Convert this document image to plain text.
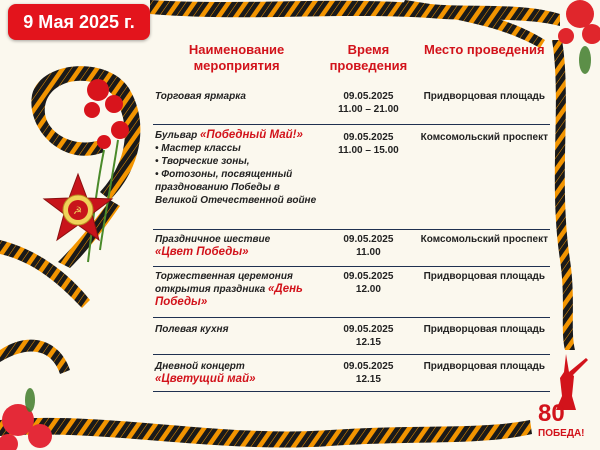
☭
9 Мая 2025 г.
Наименование мероприятия
Время проведения
Место проведения
Торговая ярмарка	09.05.2025
11.00 – 21.00
Придворцовая площадь
Бульвар «Победный Май!»
• Мастер классы
• Творческие зоны,
• Фотозоны, посвященный празднованию Победы в Великой Отечественной войне
09.05.2025
11.00 – 15.00
Комсомольский проспект
Праздничное шествие
«Цвет Победы»
09.05.2025
11.00
Комсомольский проспект
Торжественная церемония открытия праздника «День Победы»
09.05.2025
12.00
Придворцовая площадь
Полевая кухня	09.05.2025
12.15
Придворцовая площадь
Дневной концерт
«Цветущий май»
09.05.2025
12.15
Придворцовая площадь
80
ПОБЕДА!
